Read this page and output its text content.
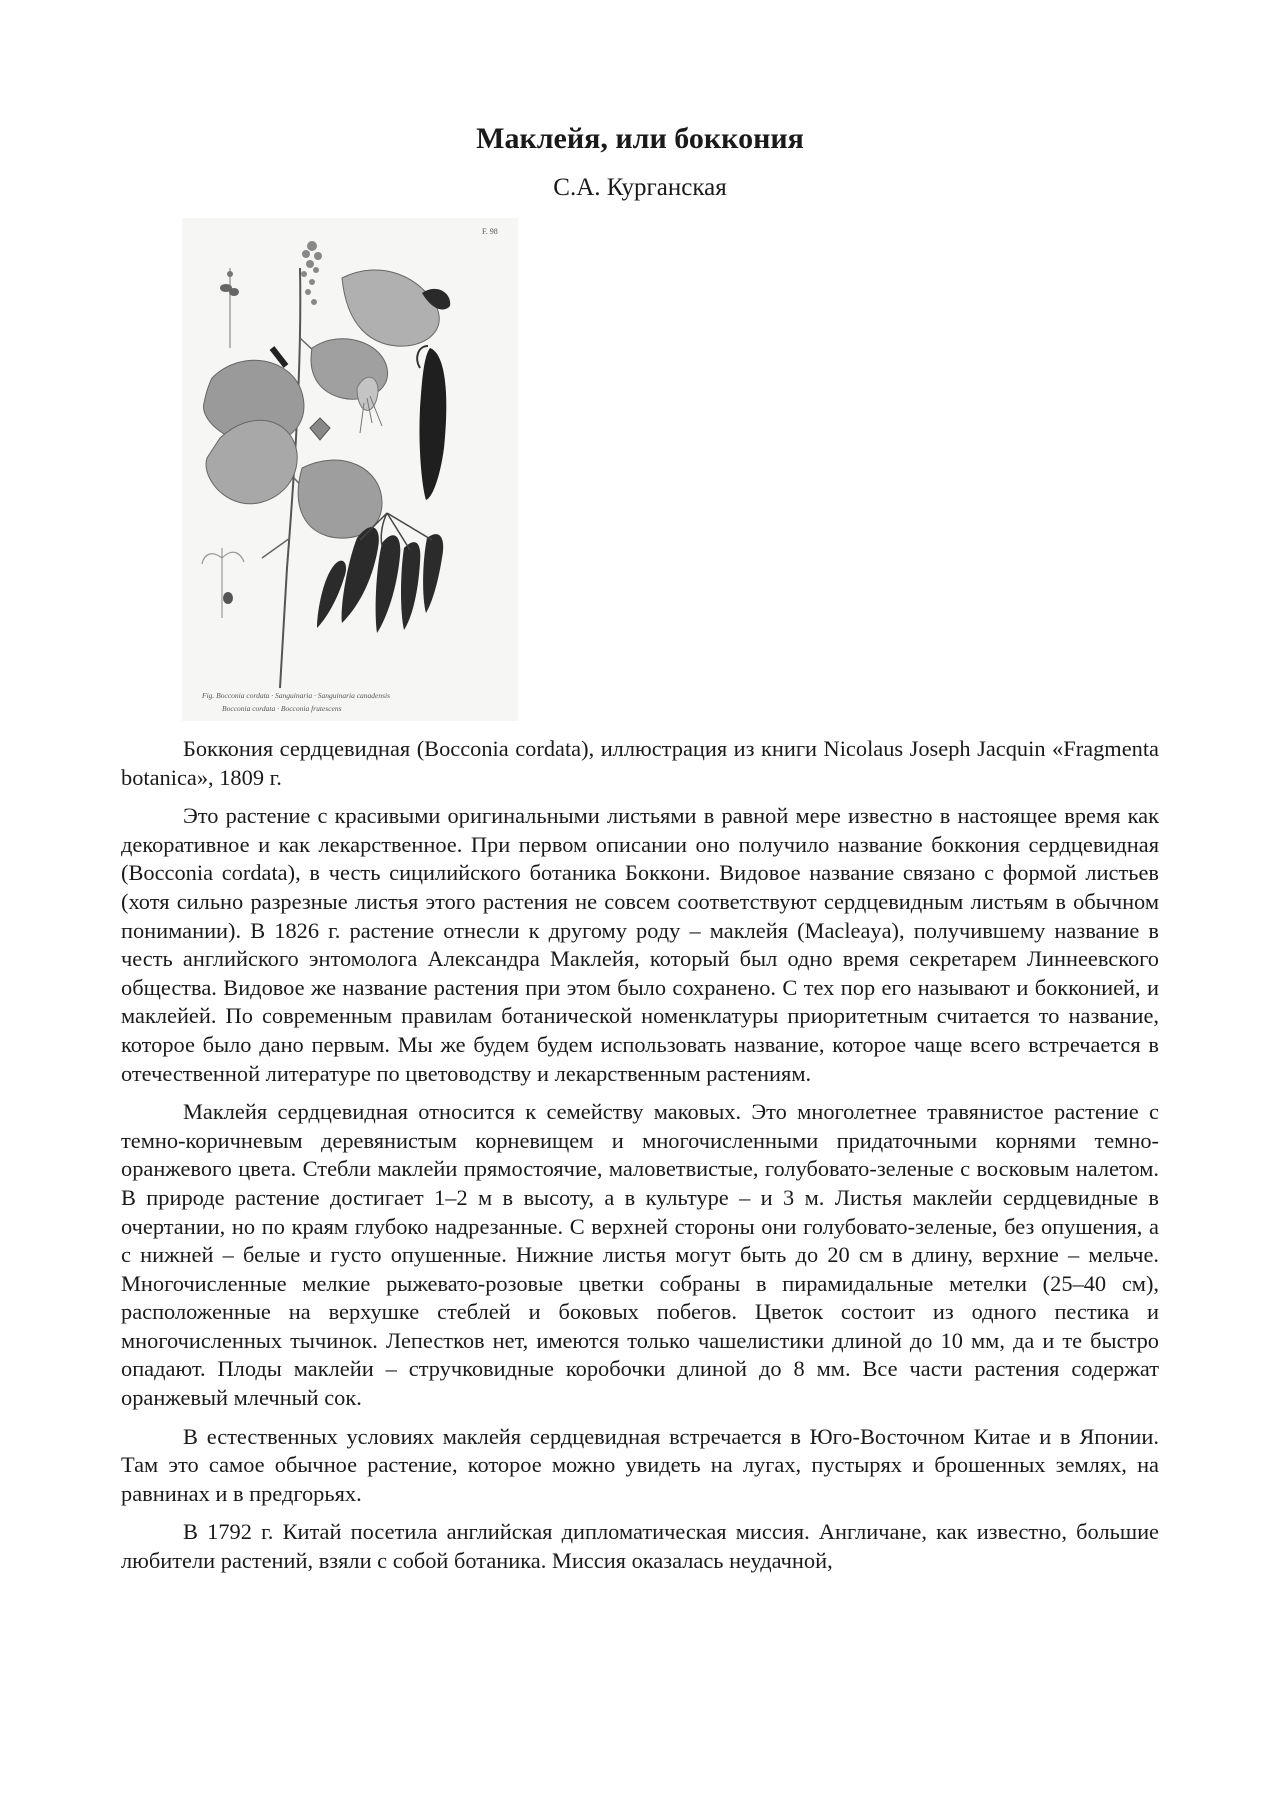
Маклейя, или боккония
С.А. Курганская
F. 98
Fig. Bocconia cordata · Sanguinaria · Sanguinaria canadensis
Bocconia cordata · Bocconia frutescens

Боккония сердцевидная (Bocconia cordata), иллюстрация из книги Nicolaus Joseph Jacquin «Fragmenta botanica», 1809 г.

Это растение с красивыми оригинальными листьями в равной мере известно в настоящее время как декоративное и как лекарственное. При первом описании оно получило название боккония сердцевидная (Bocconia cordata), в честь сицилийского ботаника Боккони. Видовое название связано с формой листьев (хотя сильно разрезные листья этого растения не совсем соответствуют сердцевидным листьям в обычном понимании). В 1826 г. растение отнесли к другому роду – маклейя (Macleaya), получившему название в честь английского энтомолога Александра Маклейя, который был одно время секретарем Линнеевского общества. Видовое же название растения при этом было сохранено. С тех пор его называют и боккониeй, и маклейей. По современным правилам ботанической номенклатуры приоритетным считается то название, которое было дано первым. Мы же будем будем использовать название, которое чаще всего встречается в отечественной литературе по цветоводству и лекарственным растениям.

Маклейя сердцевидная относится к семейству маковых. Это многолетнее травянистое растение с темно-коричневым деревянистым корневищем и многочисленными придаточными корнями темно-оранжевого цвета. Стебли маклейи прямостоячие, маловетвистые, голубовато-зеленые с восковым налетом. В природе растение достигает 1–2 м в высоту, а в культуре – и 3 м. Листья маклейи сердцевидные в очертании, но по краям глубоко надрезанные. С верхней стороны они голубовато-зеленые, без опушения, а с нижней – белые и густо опушенные. Нижние листья могут быть до 20 см в длину, верхние – мельче. Многочисленные мелкие рыжевато-розовые цветки собраны в пирамидальные метелки (25–40 см), расположенные на верхушке стеблей и боковых побегов. Цветок состоит из одного пестика и многочисленных тычинок. Лепестков нет, имеются только чашелистики длиной до 10 мм, да и те быстро опадают. Плоды маклейи – стручковидные коробочки длиной до 8 мм. Все части растения содержат оранжевый млечный сок.

В естественных условиях маклейя сердцевидная встречается в Юго-Восточном Китае и в Японии. Там это самое обычное растение, которое можно увидеть на лугах, пустырях и брошенных землях, на равнинах и в предгорьях.

В 1792 г. Китай посетила английская дипломатическая миссия. Англичане, как известно, большие любители растений, взяли с собой ботаника. Миссия оказалась неудачной,
